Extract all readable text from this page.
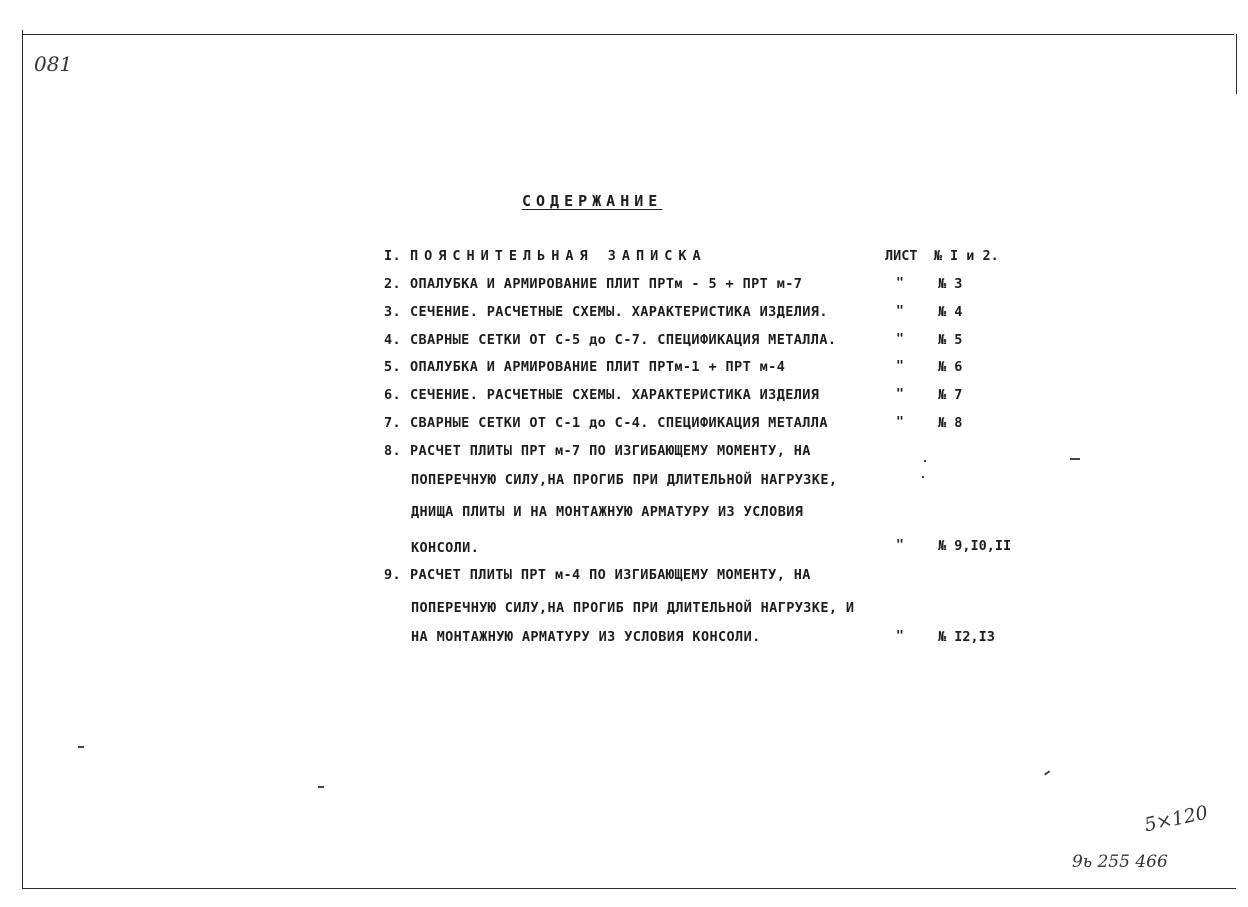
081
5×120
9ь 255 466
СОДЕРЖАНИЕ
I. ПОЯСНИТЕЛЬНАЯ ЗАПИСКА	ЛИСТ № I и 2.
2. ОПАЛУБКА И АРМИРОВАНИЕ ПЛИТ ПРТм - 5 + ПРТ м-7	"	№ 3
3. СЕЧЕНИЕ. РАСЧЕТНЫЕ СХЕМЫ. ХАРАКТЕРИСТИКА ИЗДЕЛИЯ.	"	№ 4
4. СВАРНЫЕ СЕТКИ ОТ С-5 до С-7. СПЕЦИФИКАЦИЯ МЕТАЛЛА.	"	№ 5
5. ОПАЛУБКА И АРМИРОВАНИЕ ПЛИТ ПРТм-1 + ПРТ м-4	"	№ 6
6. СЕЧЕНИЕ. РАСЧЕТНЫЕ СХЕМЫ. ХАРАКТЕРИСТИКА ИЗДЕЛИЯ	"	№ 7
7. СВАРНЫЕ СЕТКИ ОТ С-1 до С-4. СПЕЦИФИКАЦИЯ МЕТАЛЛА	"	№ 8
8. РАСЧЕТ ПЛИТЫ ПРТ м-7 ПО ИЗГИБАЮЩЕМУ МОМЕНТУ, НА
ПОПЕРЕЧНУЮ СИЛУ,НА ПРОГИБ ПРИ ДЛИТЕЛЬНОЙ НАГРУЗКЕ,
ДНИЩА ПЛИТЫ И НА МОНТАЖНУЮ АРМАТУРУ ИЗ УСЛОВИЯ
КОНСОЛИ.	"	№ 9,I0,II
9. РАСЧЕТ ПЛИТЫ ПРТ м-4 ПО ИЗГИБАЮЩЕМУ МОМЕНТУ, НА
ПОПЕРЕЧНУЮ СИЛУ,НА ПРОГИБ ПРИ ДЛИТЕЛЬНОЙ НАГРУЗКЕ, И
НА МОНТАЖНУЮ АРМАТУРУ ИЗ УСЛОВИЯ КОНСОЛИ.	"	№ I2,I3
